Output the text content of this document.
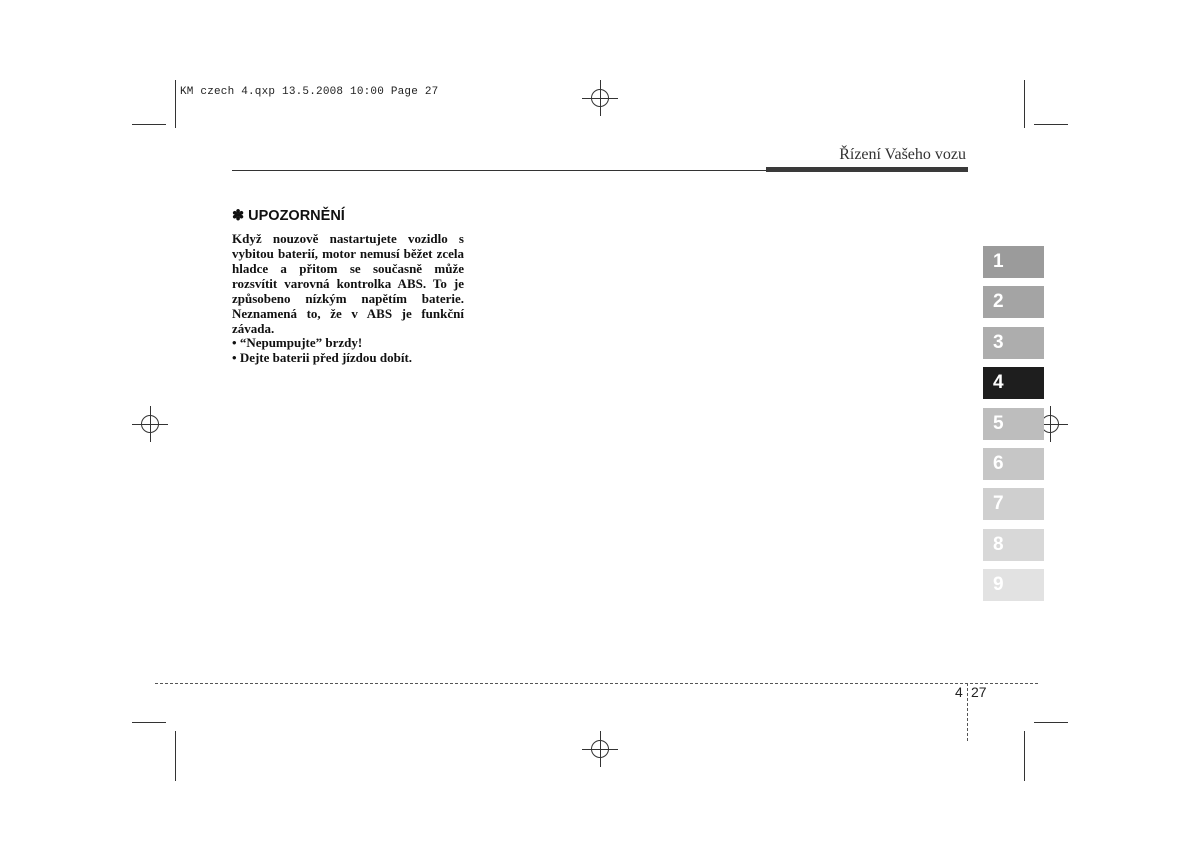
KM czech 4.qxp 13.5.2008 10:00 Page 27
Řízení Vašeho vozu
✽ UPOZORNĚNÍ

Když nouzově nastartujete vozidlo s vybitou baterií, motor nemusí běžet zcela hladce a přitom se současně může rozsvítit varovná kontrolka ABS. To je způsobeno nízkým napětím baterie. Neznamená to, že v ABS je funkční závada.

• “Nepumpujte” brzdy!
• Dejte baterii před jízdou dobít.
1
2
3
4
5
6
7
8
9
4 27
